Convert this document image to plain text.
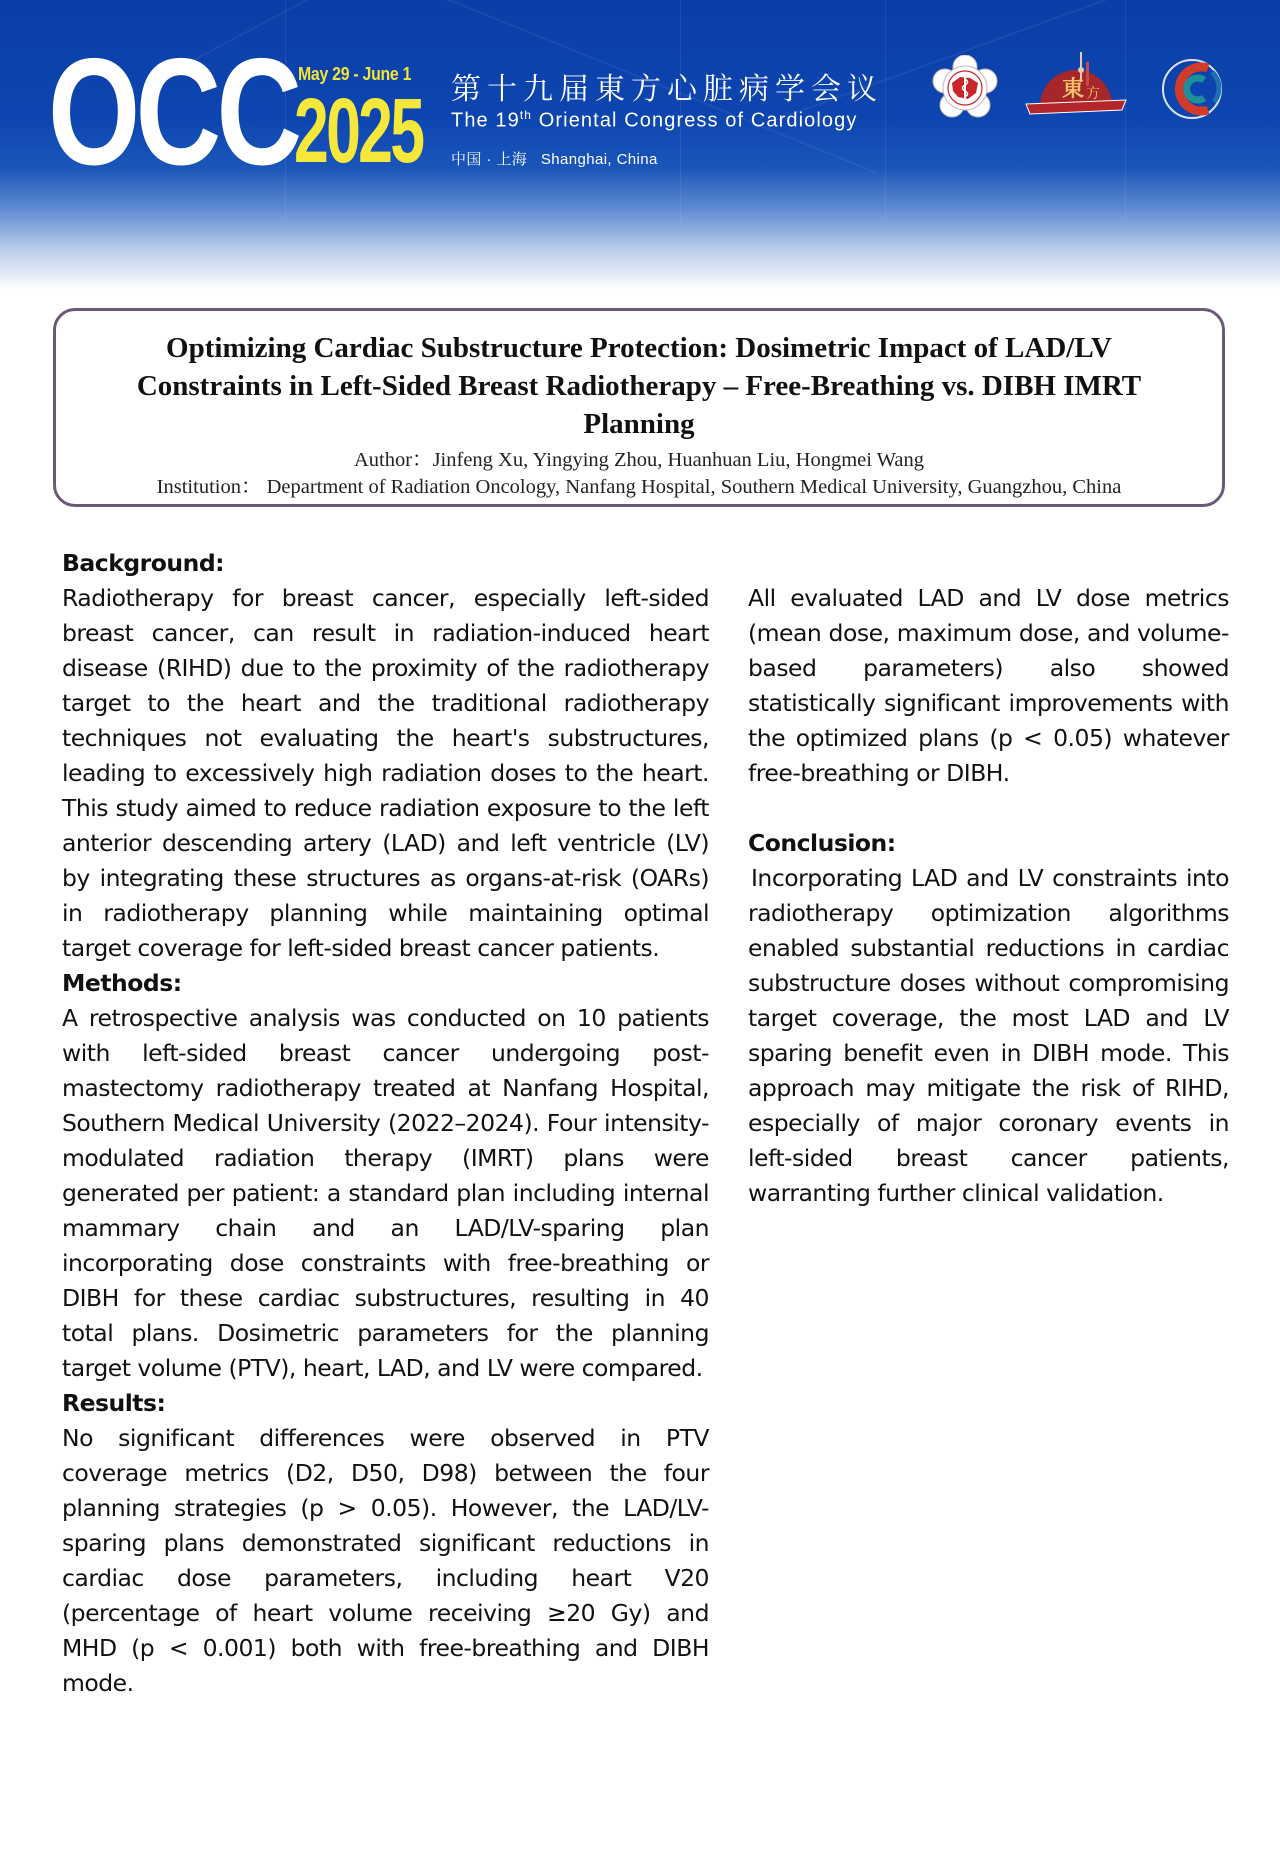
OCC May 29 - June 1
2025 第十九届東方心脏病学会议
The 19th Oriental Congress of Cardiology
中国 · 上海 Shanghai, China
東 方
Optimizing Cardiac Substructure Protection: Dosimetric Impact of LAD/LV Constraints in Left-Sided Breast Radiotherapy – Free-Breathing vs. DIBH IMRT Planning
Author：Jinfeng Xu, Yingying Zhou, Huanhuan Liu, Hongmei Wang
Institution： Department of Radiation Oncology, Nanfang Hospital, Southern Medical University, Guangzhou, China
Background:

Radiotherapy for breast cancer, especially left-sided breast cancer, can result in radiation-induced heart disease (RIHD) due to the proximity of the radiotherapy target to the heart and the traditional radiotherapy techniques not evaluating the heart's substructures, leading to excessively high radiation doses to the heart. This study aimed to reduce radiation exposure to the left anterior descending artery (LAD) and left ventricle (LV) by integrating these structures as organs-at-risk (OARs) in radiotherapy planning while maintaining optimal target coverage for left-sided breast cancer patients.

Methods:

A retrospective analysis was conducted on 10 patients with left-sided breast cancer undergoing post-mastectomy radiotherapy treated at Nanfang Hospital, Southern Medical University (2022–2024). Four intensity-modulated radiation therapy (IMRT) plans were generated per patient: a standard plan including internal mammary chain and an LAD/LV-sparing plan incorporating dose constraints with free-breathing or DIBH for these cardiac substructures, resulting in 40 total plans. Dosimetric parameters for the planning target volume (PTV), heart, LAD, and LV were compared.

Results:

No significant differences were observed in PTV coverage metrics (D2, D50, D98) between the four planning strategies (p > 0.05). However, the LAD/LV-sparing plans demonstrated significant reductions in cardiac dose parameters, including heart V20 (percentage of heart volume receiving ≥20 Gy) and MHD (p < 0.001) both with free-breathing and DIBH mode.

All evaluated LAD and LV dose metrics (mean dose, maximum dose, and volume-based parameters) also showed statistically significant improvements with the optimized plans (p < 0.05) whatever free-breathing or DIBH.

Conclusion:

Incorporating LAD and LV constraints into radiotherapy optimization algorithms enabled substantial reductions in cardiac substructure doses without compromising target coverage, the most LAD and LV sparing benefit even in DIBH mode. This approach may mitigate the risk of RIHD, especially of major coronary events in left-sided breast cancer patients, warranting further clinical validation.
